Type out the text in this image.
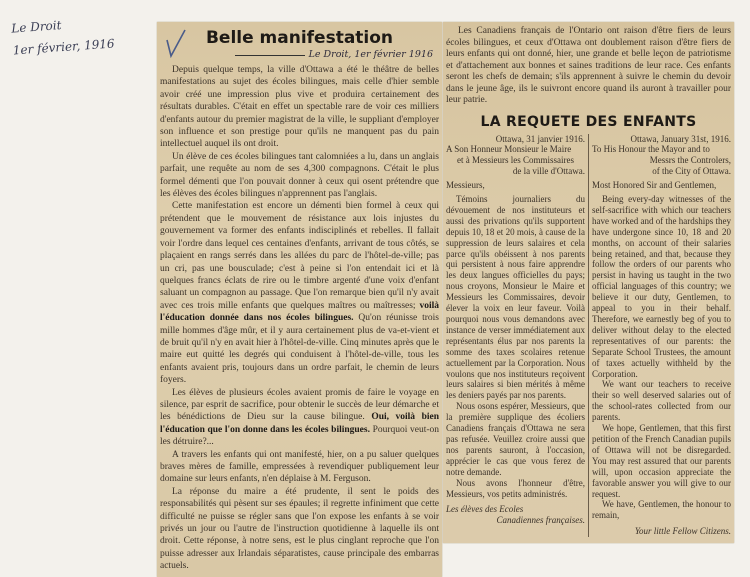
Le Droit
1er février, 1916	Belle manifestation
Le Droit, 1er février 1916

Depuis quelque temps, la ville d'Ottawa a été le théâtre de belles manifestations au sujet des écoles bilingues, mais celle d'hier semble avoir créé une impression plus vive et produira certainement des résultats durables. C'était en effet un spectable rare de voir ces milliers d'enfants autour du premier magistrat de la ville, le suppliant d'employer son influence et son prestige pour qu'ils ne manquent pas du pain intellectuel auquel ils ont droit.

Un élève de ces écoles bilingues tant calomniées a lu, dans un anglais parfait, une requête au nom de ses 4,300 compagnons. C'était le plus formel démenti que l'on pouvait donner à ceux qui osent prétendre que les élèves des écoles bilingues n'apprennent pas l'anglais.

Cette manifestation est encore un démenti bien formel à ceux qui prétendent que le mouvement de résistance aux lois injustes du gouvernement va former des enfants indisciplinés et rebelles. Il fallait voir l'ordre dans lequel ces centaines d'enfants, arrivant de tous côtés, se plaçaient en rangs serrés dans les allées du parc de l'hôtel-de-ville; pas un cri, pas une bousculade; c'est à peine si l'on entendait ici et là quelques francs éclats de rire ou le timbre argenté d'une voix d'enfant saluant un compagnon au passage. Que l'on remarque bien qu'il n'y avait avec ces trois mille enfants que quelques maîtres ou maîtresses; voilà l'éducation donnée dans nos écoles bilingues. Qu'on réunisse trois mille hommes d'âge mûr, et il y aura certainement plus de va-et-vient et de bruit qu'il n'y en avait hier à l'hôtel-de-ville. Cinq minutes après que le maire eut quitté les degrés qui conduisent à l'hôtel-de-ville, tous les enfants avaient pris, toujours dans un ordre parfait, le chemin de leurs foyers.

Les élèves de plusieurs écoles avaient promis de faire le voyage en silence, par esprit de sacrifice, pour obtenir le succès de leur démarche et les bénédictions de Dieu sur la cause bilingue. Oui, voilà bien l'éducation que l'on donne dans les écoles bilingues. Pourquoi veut-on les détruire?...

A travers les enfants qui ont manifesté, hier, on a pu saluer quelques braves mères de famille, empressées à revendiquer publiquement leur domaine sur leurs enfants, n'en déplaise à M. Ferguson.

La réponse du maire a été prudente, il sent le poids des responsabilités qui pèsent sur ses épaules; il regrette infiniment que cette difficulté ne puisse se régler sans que l'on expose les enfants à se voir privés un jour ou l'autre de l'instruction quotidienne à laquelle ils ont droit. Cette réponse, à notre sens, est le plus cinglant reproche que l'on puisse adresser aux Irlandais séparatistes, cause principale des embarras actuels.

Les Canadiens français de l'Ontario ont raison d'être fiers de leurs écoles bilingues, et ceux d'Ottawa ont doublement raison d'être fiers de leurs enfants qui ont donné, hier, une grande et belle leçon de patriotisme et d'attachement aux bonnes et saines traditions de leur race. Ces enfants seront les chefs de demain; s'ils apprennent à suivre le chemin du devoir dans le jeune âge, ils le suivront encore quand ils auront à travailler pour leur patrie.

LA REQUETE DES ENFANTS

Ottawa, 31 janvier 1916.

A Son Honneur Monsieur le Maire

et à Messieurs les Commissaires

de la ville d'Ottawa.

Messieurs,

Témoins journaliers du dévouement de nos instituteurs et aussi des privations qu'ils supportent depuis 10, 18 et 20 mois, à cause de la suppression de leurs salaires et cela parce qu'ils obéissent à nos parents qui persistent à nous faire apprendre les deux langues officielles du pays; nous croyons, Monsieur le Maire et Messieurs les Commissaires, devoir élever la voix en leur faveur. Voilà pourquoi nous vous demandons avec instance de verser immédiatement aux représentants élus par nos parents la somme des taxes scolaires retenue actuellement par la Corporation. Nous voulons que nos instituteurs reçoivent leurs salaires si bien mérités à même les deniers payés par nos parents.

Nous osons espérer, Messieurs, que la première supplique des écoliers Canadiens français d'Ottawa ne sera pas refusée. Veuillez croire aussi que nos parents sauront, à l'occasion, apprécier le cas que vous ferez de notre demande.

Nous avons l'honneur d'être, Messieurs, vos petits administrés.

Les élèves des Ecoles

Canadiennes françaises.

Ottawa, January 31st, 1916.

To His Honour the Mayor and to

Messrs the Controlers,

of the City of Ottawa.

Most Honored Sir and Gentlemen,

Being every-day witnesses of the self-sacrifice with which our teachers have worked and of the hardships they have undergone since 10, 18 and 20 months, on account of their salaries being retained, and that, because they follow the orders of our parents who persist in having us taught in the two official languages of this country; we believe it our duty, Gentlemen, to appeal to you in their behalf. Therefore, we earnestly beg of you to deliver without delay to the elected representatives of our parents: the Separate School Trustees, the amount of taxes actuelly withheld by the Corporation.

We want our teachers to receive their so well deserved salaries out of the school-rates collected from our parents.

We hope, Gentlemen, that this first petition of the French Canadian pupils of Ottawa will not be disregarded. You may rest assured that our parents will, upon occasion appreciate the favorable answer you will give to our request.

We have, Gentlemen, the honour to remain,

Your little Fellow Citizens.
